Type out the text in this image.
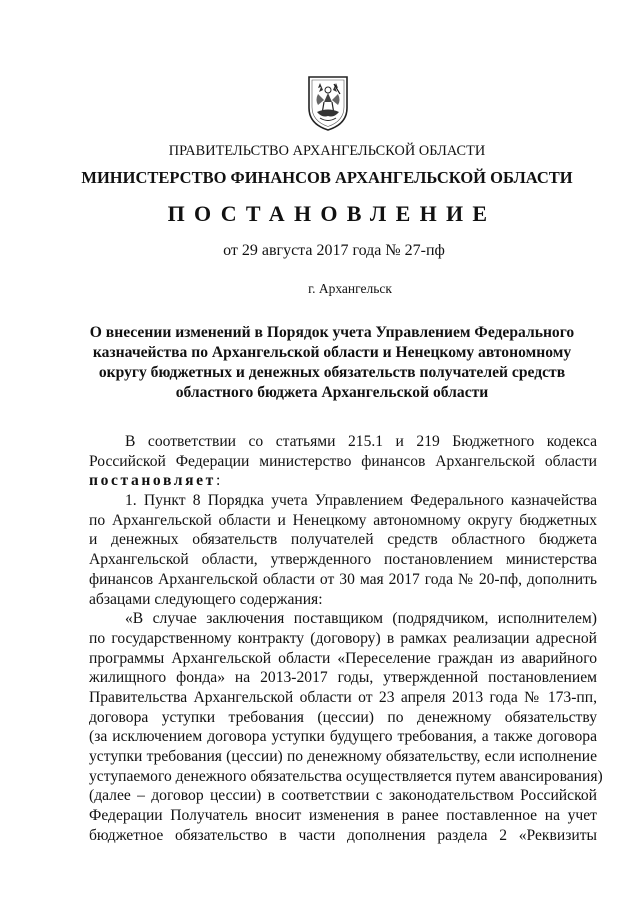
ПРАВИТЕЛЬСТВО АРХАНГЕЛЬСКОЙ ОБЛАСТИ
МИНИСТЕРСТВО ФИНАНСОВ АРХАНГЕЛЬСКОЙ ОБЛАСТИ
ПОСТАНОВЛЕНИЕ
от 29 августа 2017 года № 27-пф
г. Архангельск
О внесении изменений в Порядок учета Управлением Федерального
казначейства по Архангельской области и Ненецкому автономному
округу бюджетных и денежных обязательств получателей средств
областного бюджета Архангельской области
В соответствии со статьями 215.1 и 219 Бюджетного кодекса
Российской Федерации министерство финансов Архангельской области
постановляет:
1. Пункт 8 Порядка учета Управлением Федерального казначейства
по Архангельской области и Ненецкому автономному округу бюджетных
и денежных обязательств получателей средств областного бюджета
Архангельской области, утвержденного постановлением министерства
финансов Архангельской области от 30 мая 2017 года № 20-пф, дополнить
абзацами следующего содержания:
«В случае заключения поставщиком (подрядчиком, исполнителем)
по государственному контракту (договору) в рамках реализации адресной
программы Архангельской области «Переселение граждан из аварийного
жилищного фонда» на 2013-2017 годы, утвержденной постановлением
Правительства Архангельской области от 23 апреля 2013 года № 173-пп,
договора уступки требования (цессии) по денежному обязательству
(за исключением договора уступки будущего требования, а также договора
уступки требования (цессии) по денежному обязательству, если исполнение
уступаемого денежного обязательства осуществляется путем авансирования)
(далее – договор цессии) в соответствии с законодательством Российской
Федерации Получатель вносит изменения в ранее поставленное на учет
бюджетное обязательство в части дополнения раздела 2 «Реквизиты
